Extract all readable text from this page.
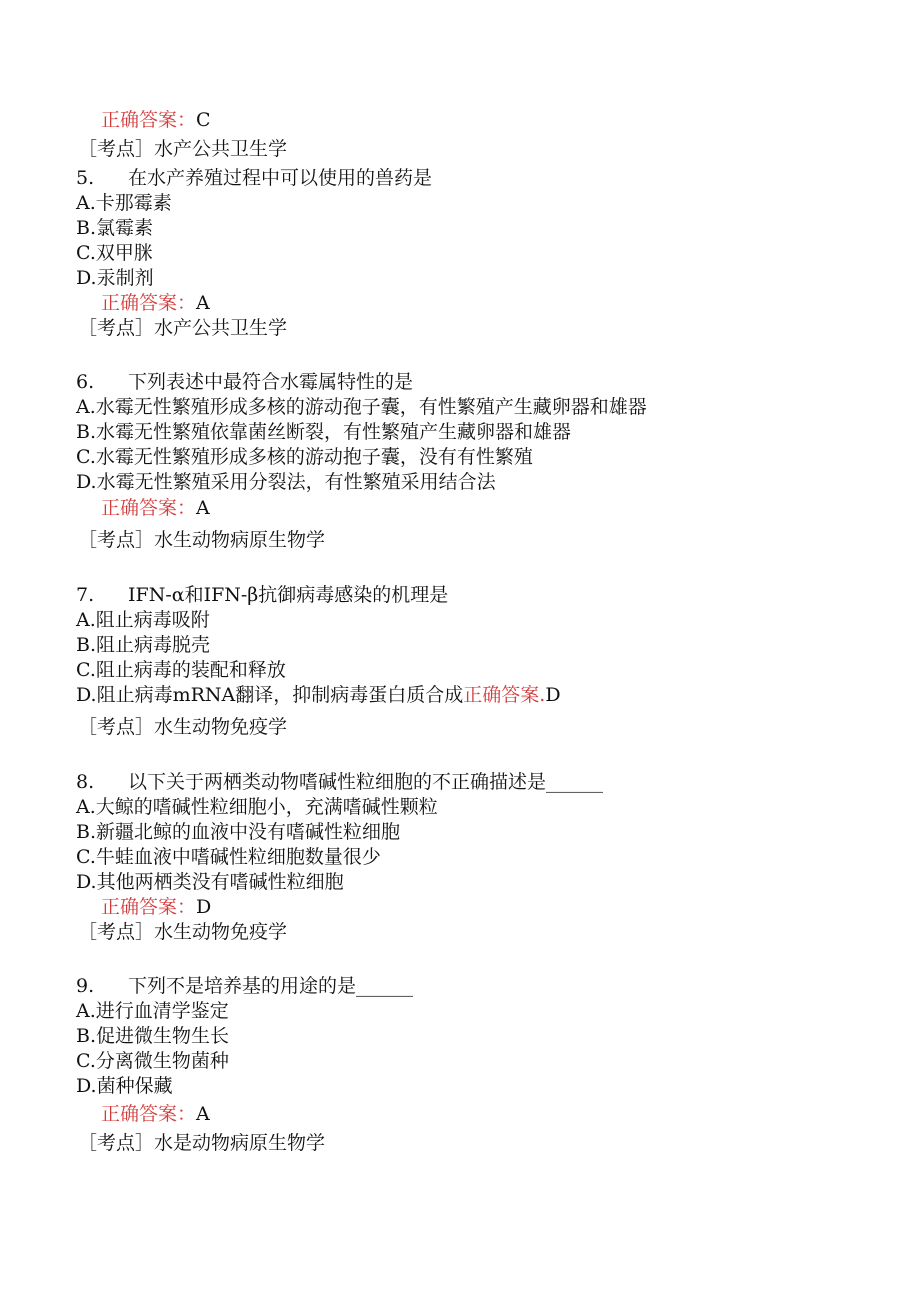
正确答案：C
［考点］水产公共卫生学
5. 在水产养殖过程中可以使用的兽药是
A.卡那霉素
B.氯霉素
C.双甲脒
D.汞制剂
正确答案：A
［考点］水产公共卫生学
6. 下列表述中最符合水霉属特性的是
A.水霉无性繁殖形成多核的游动孢子囊，有性繁殖产生藏卵器和雄器
B.水霉无性繁殖依靠菌丝断裂，有性繁殖产生藏卵器和雄器
C.水霉无性繁殖形成多核的游动抱子囊，没有有性繁殖
D.水霉无性繁殖采用分裂法，有性繁殖采用结合法
正确答案：A
［考点］水生动物病原生物学
7. IFN-α和IFN-β抗御病毒感染的机理是
A.阻止病毒吸附
B.阻止病毒脱壳
C.阻止病毒的装配和释放
D.阻止病毒mRNA翻译，抑制病毒蛋白质合成正确答案.D
［考点］水生动物免疫学
8. 以下关于两栖类动物嗜碱性粒细胞的不正确描述是______
A.大鲸的嗜碱性粒细胞小，充满嗜碱性颗粒
B.新疆北鲸的血液中没有嗜碱性粒细胞
C.牛蛙血液中嗜碱性粒细胞数量很少
D.其他两栖类没有嗜碱性粒细胞
正确答案：D
［考点］水生动物免疫学
9. 下列不是培养基的用途的是______
A.进行血清学鉴定
B.促进微生物生长
C.分离微生物菌种
D.菌种保藏
正确答案：A
［考点］水是动物病原生物学
